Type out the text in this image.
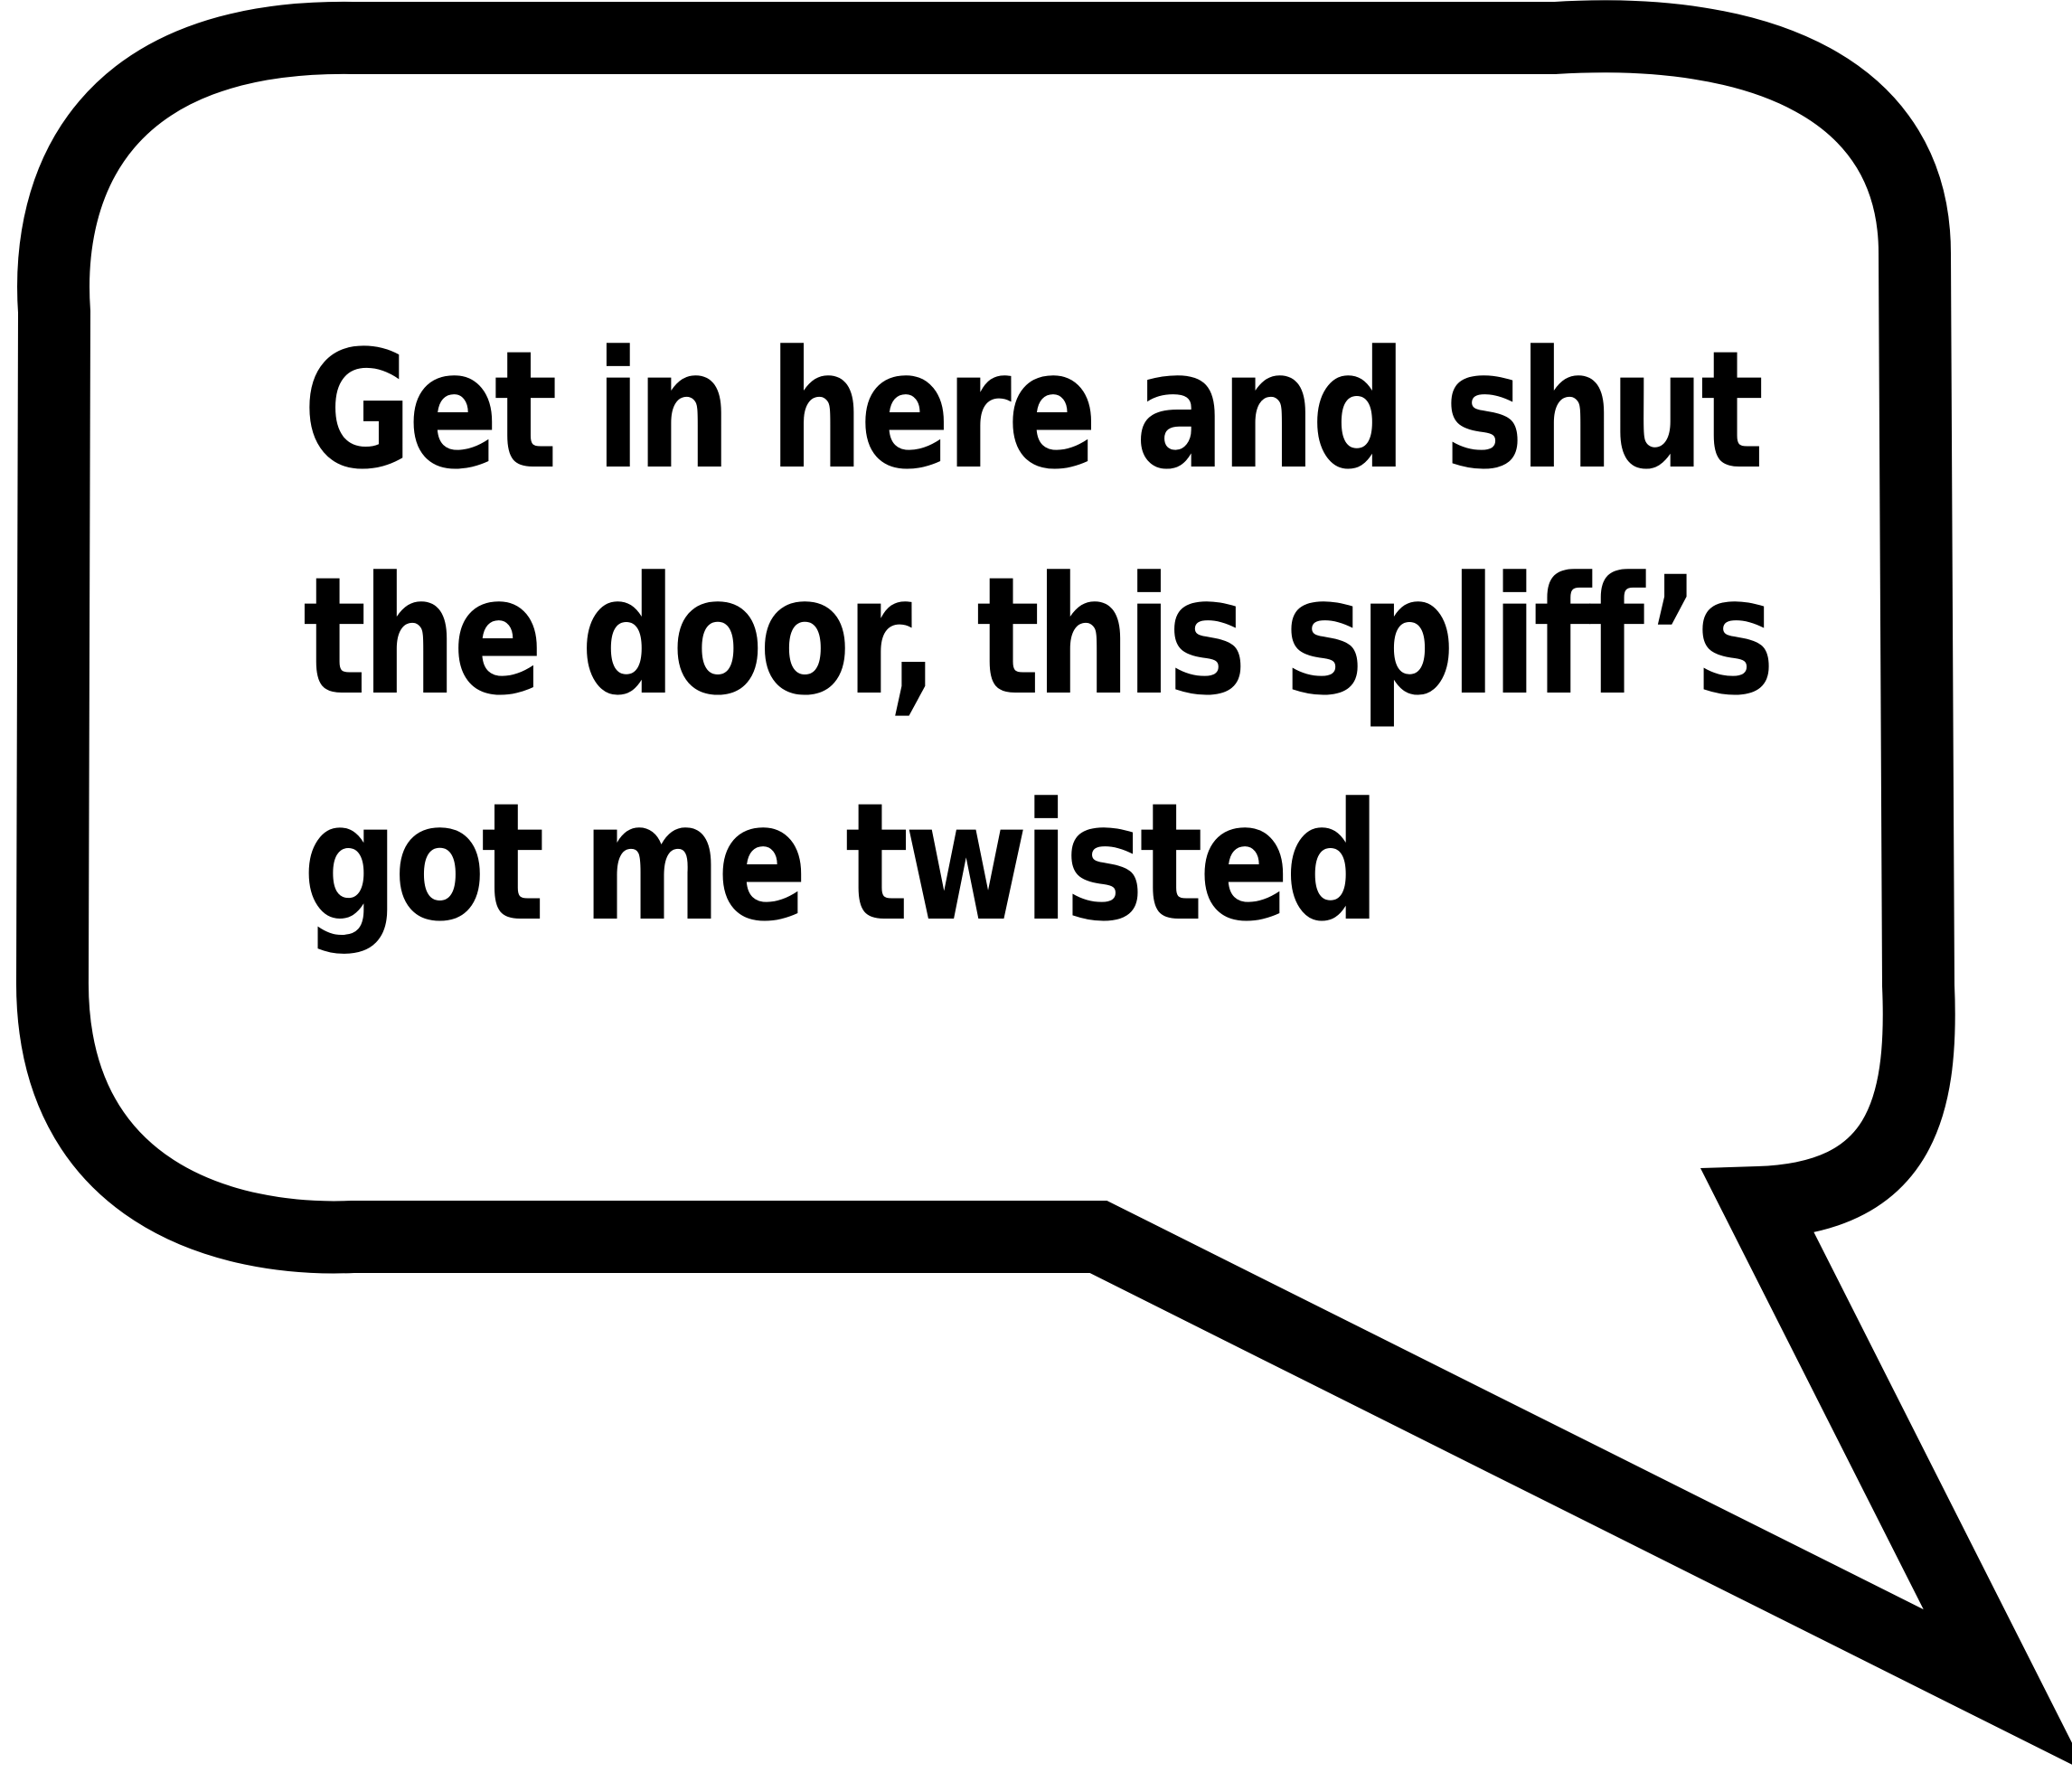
Get in here and shut
the door, this spliff’s
got me twisted
